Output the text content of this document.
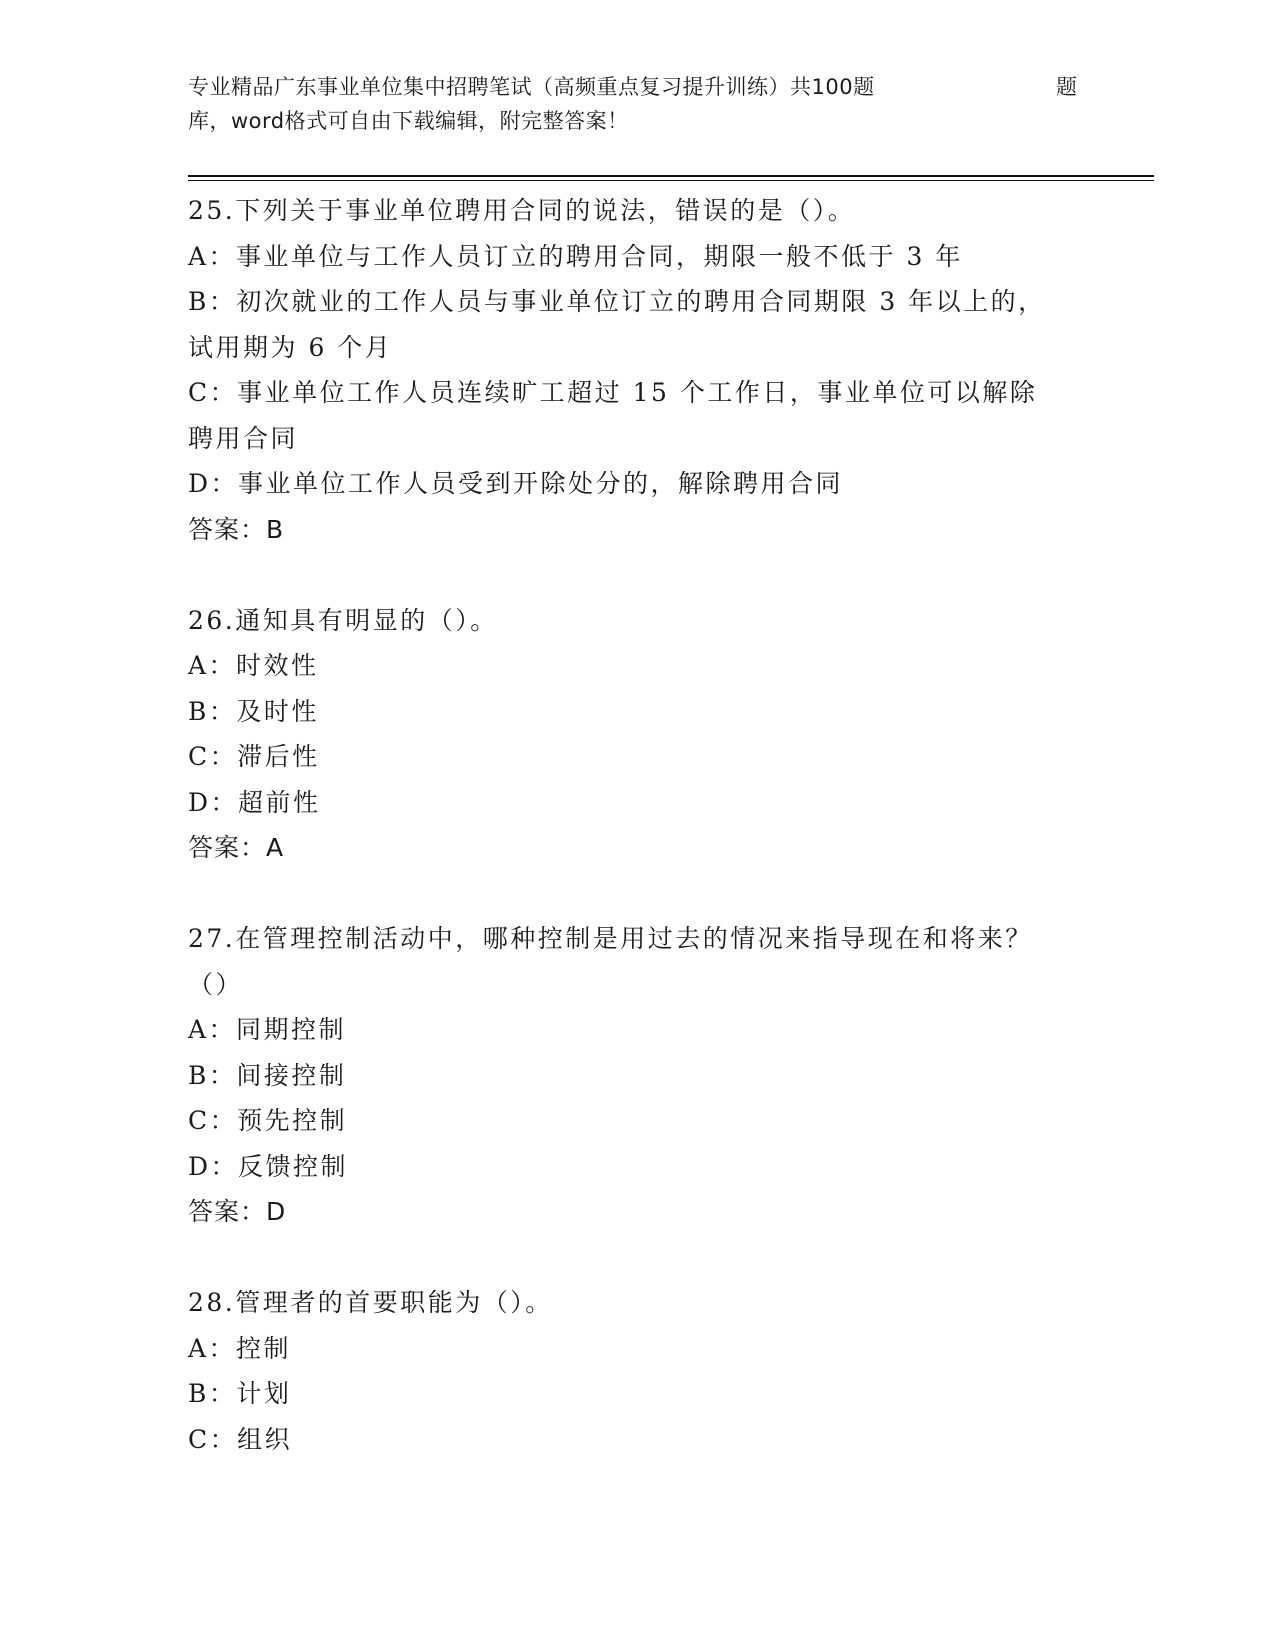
专业精品广东事业单位集中招聘笔试（高频重点复习提升训练）共100题	题
库，word格式可自由下载编辑，附完整答案！
25.下列关于事业单位聘用合同的说法，错误的是（）。
A：事业单位与工作人员订立的聘用合同，期限一般不低于 3 年
B：初次就业的工作人员与事业单位订立的聘用合同期限 3 年以上的，
试用期为 6 个月
C：事业单位工作人员连续旷工超过 15 个工作日，事业单位可以解除
聘用合同
D：事业单位工作人员受到开除处分的，解除聘用合同
答案：B
26.通知具有明显的（）。
A：时效性
B：及时性
C：滞后性
D：超前性
答案：A
27.在管理控制活动中，哪种控制是用过去的情况来指导现在和将来？
（）
A：同期控制
B：间接控制
C：预先控制
D：反馈控制
答案：D
28.管理者的首要职能为（）。
A：控制
B：计划
C：组织
